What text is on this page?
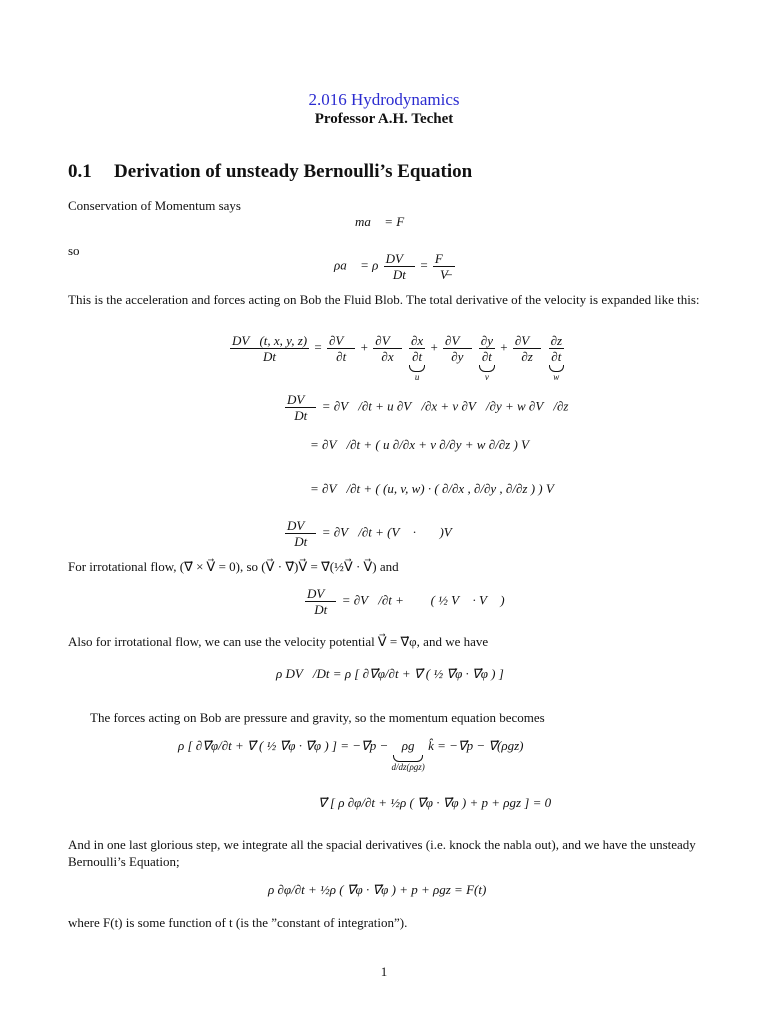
2.016 Hydrodynamics
Professor A.H. Techet
0.1 Derivation of unsteady Bernoulli’s Equation
Conservation of Momentum says
ma⃗ = F⃗
so
ρa⃗ = ρ $\frac{DV⃗}{Dt} = \frac{F⃗}{V̶}$
This is the acceleration and forces acting on Bob the Fluid Blob. The total derivative of the velocity is expanded like this:
$\frac{DV⃗(t, x, y, z)}{Dt} = \frac{\partial V⃗}{\partial t} + \frac{\partial V⃗}{\partial x}$
$\frac{\partial x}{\partial t}$
u
+ $\frac{\partial V⃗}{\partial y}$
$\frac{\partial y}{\partial t}$
v
+ $\frac{\partial V⃗}{\partial z}$
$\frac{\partial z}{\partial t}$
w
$\frac{DV⃗}{Dt}$ = ∂V⃗/∂t + u ∂V⃗/∂x + v ∂V⃗/∂y + w ∂V⃗/∂z
= ∂V⃗/∂t + ( u ∂/∂x + v ∂/∂y + w ∂/∂z ) V⃗
= ∂V⃗/∂t + ( (u, v, w) · ( ∂/∂x , ∂/∂y , ∂/∂z ) ) V⃗
$\frac{DV⃗}{Dt}$ = ∂V⃗/∂t + (V⃗ · ∇⃗)V⃗
For irrotational flow, (∇⃗ × V⃗ = 0), so (V⃗ · ∇⃗)V⃗ = ∇⃗(½V⃗ · V⃗) and
$\frac{DV⃗}{Dt}$ = ∂V⃗/∂t + ∇⃗ ( ½ V⃗ · V⃗ )
Also for irrotational flow, we can use the velocity potential V⃗ = ∇⃗φ, and we have
ρ DV⃗/Dt = ρ [ ∂∇⃗φ/∂t + ∇⃗ ( ½ ∇⃗φ · ∇⃗φ ) ]
The forces acting on Bob are pressure and gravity, so the momentum equation becomes
ρ [ ∂∇⃗φ/∂t + ∇⃗ ( ½ ∇⃗φ · ∇⃗φ ) ] = −∇⃗p − ρg
d/dz(ρgz)
k̂ = −∇⃗p − ∇⃗(ρgz)
∇⃗ [ ρ ∂φ/∂t + ½ρ ( ∇⃗φ · ∇⃗φ ) + p + ρgz ] = 0
And in one last glorious step, we integrate all the spacial derivatives (i.e. knock the nabla out), and we have the unsteady Bernoulli’s Equation;
ρ ∂φ/∂t + ½ρ ( ∇⃗φ · ∇⃗φ ) + p + ρgz = F(t)
where F(t) is some function of t (is the ”constant of integration”).
1
